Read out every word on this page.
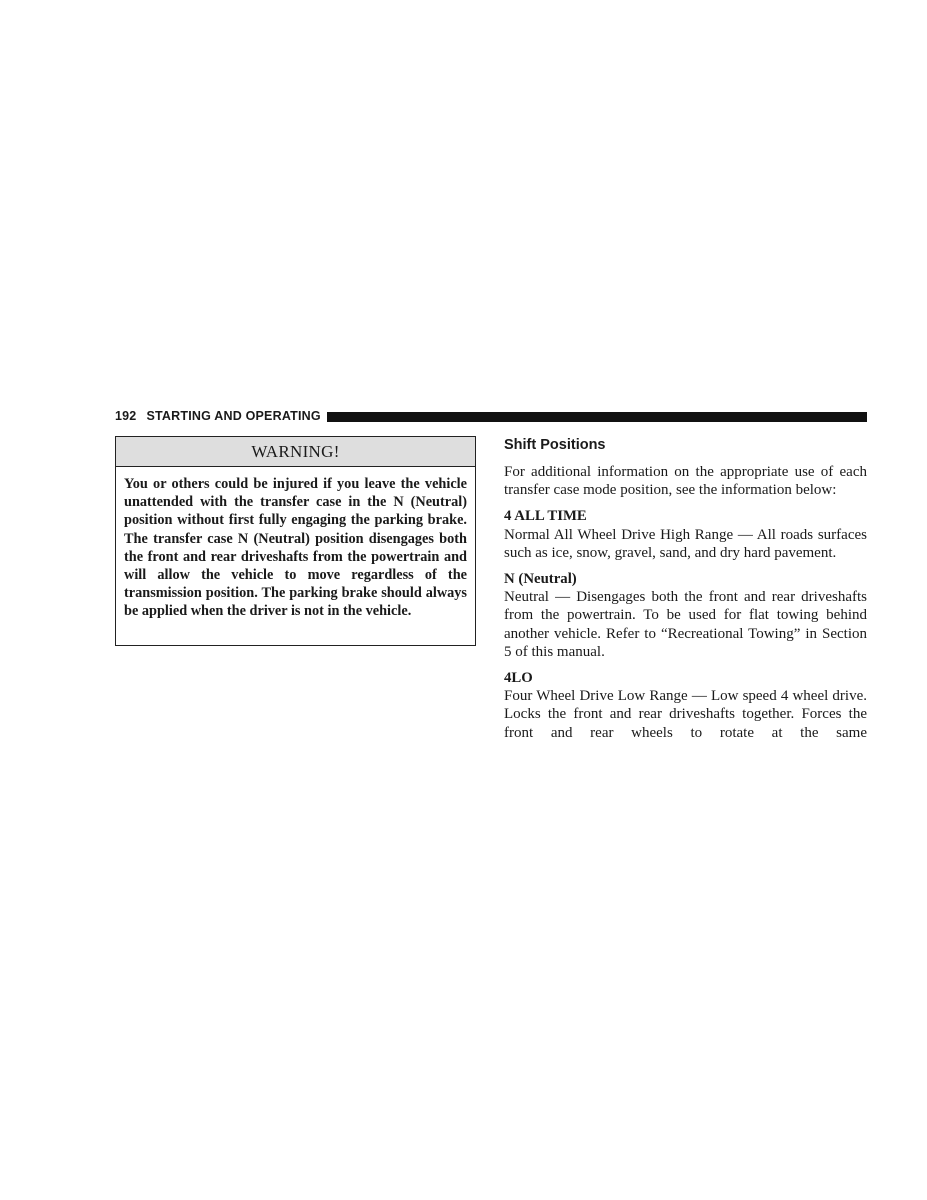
192 STARTING AND OPERATING
WARNING!
You or others could be injured if you leave the vehicle unattended with the transfer case in the N (Neutral) position without first fully engaging the parking brake. The transfer case N (Neutral) position disengages both the front and rear driveshafts from the powertrain and will allow the vehicle to move regardless of the transmission position. The parking brake should always be applied when the driver is not in the vehicle.
Shift Positions

For additional information on the appropriate use of each transfer case mode position, see the information below:

4 ALL TIME

Normal All Wheel Drive High Range — All roads surfaces such as ice, snow, gravel, sand, and dry hard pavement.

N (Neutral)

Neutral — Disengages both the front and rear driveshafts from the powertrain. To be used for flat towing behind another vehicle. Refer to “Recreational Towing” in Section 5 of this manual.

4LO

Four Wheel Drive Low Range — Low speed 4 wheel drive. Locks the front and rear driveshafts together. Forces the front and rear wheels to rotate at the same
